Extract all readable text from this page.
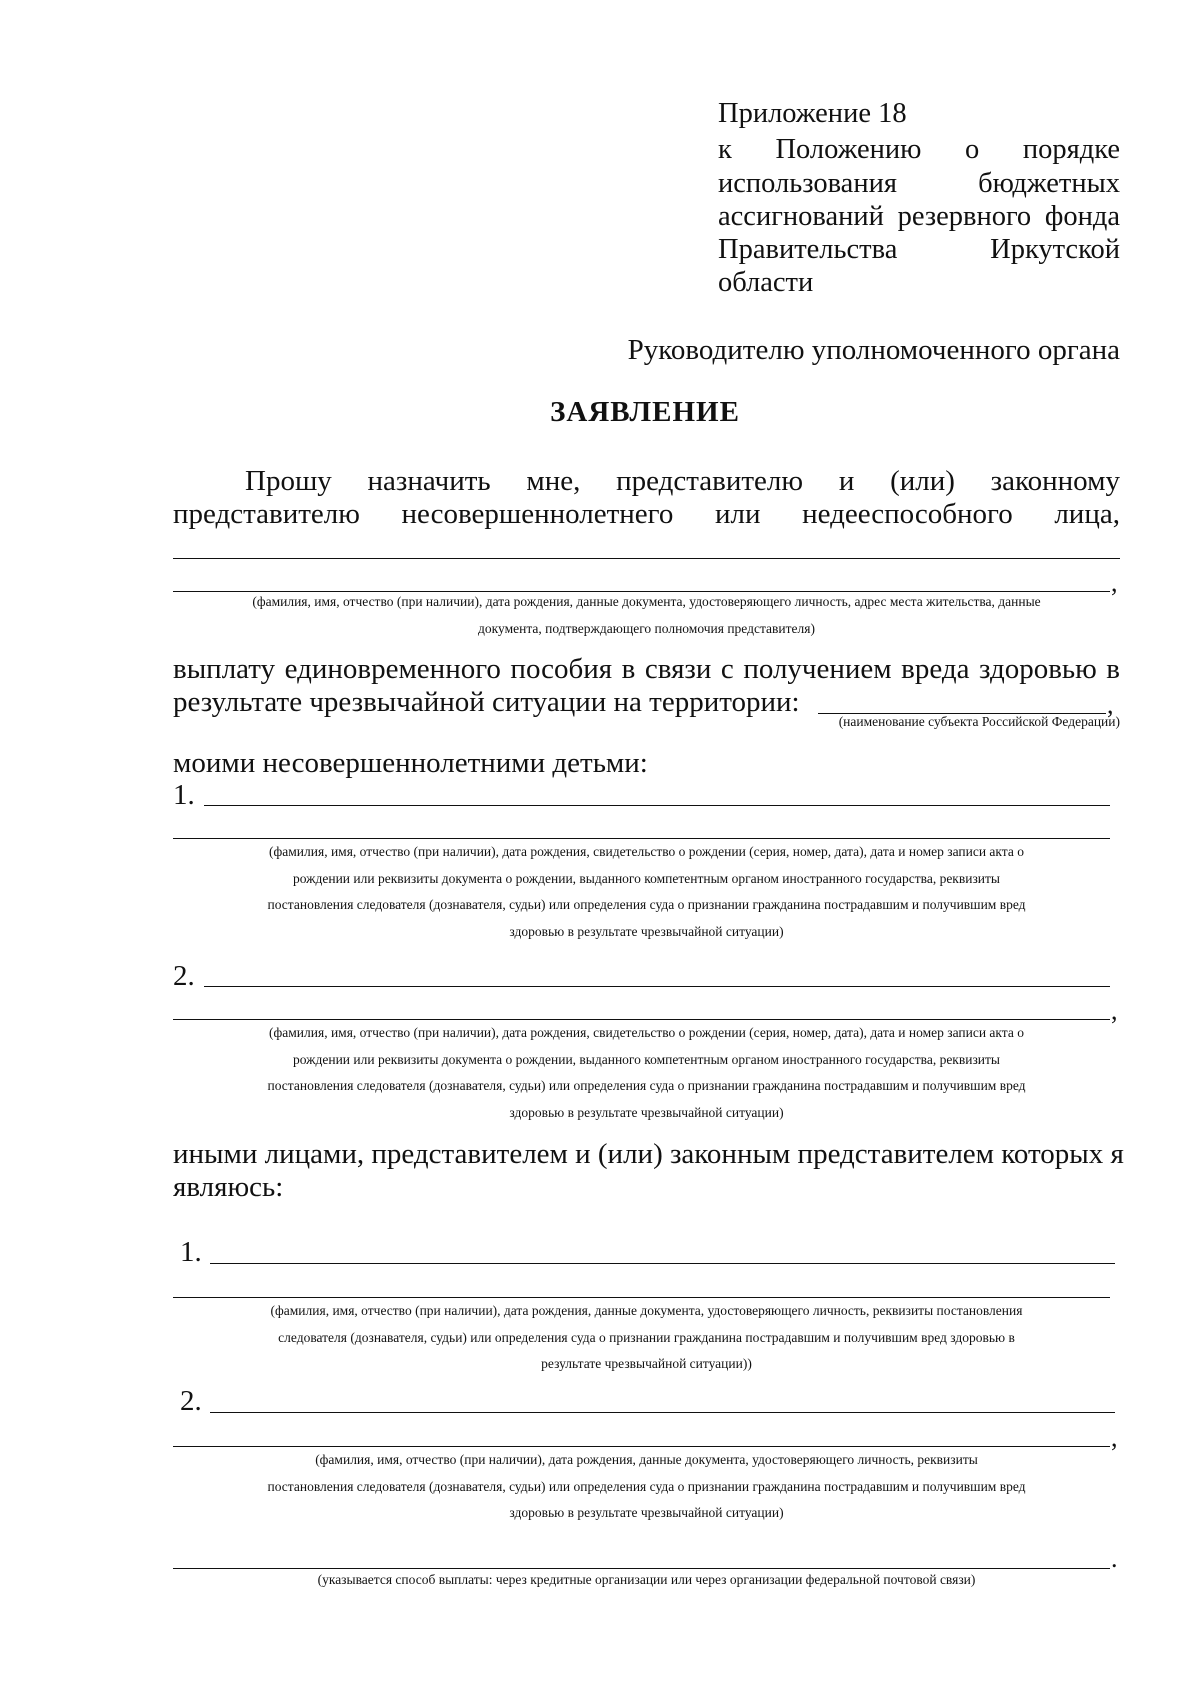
Приложение 18
к Положению о порядке
использования	бюджетных
ассигнований резервного фонда
Правительства	Иркутской
области
Руководителю уполномоченного органа
ЗАЯВЛЕНИЕ
Прошу назначить мне, представителю и (или) законному
представителю несовершеннолетнего или недееспособного лица,
,
(фамилия, имя, отчество (при наличии), дата рождения, данные документа, удостоверяющего личность, адрес места жительства, данные
документа, подтверждающего полномочия представителя)
выплату единовременного пособия в связи с получением вреда здоровью в
результате чрезвычайной ситуации на территории:	,
(наименование субъекта Российской Федерации)
моими несовершеннолетними детьми:
1.
(фамилия, имя, отчество (при наличии), дата рождения, свидетельство о рождении (серия, номер, дата), дата и номер записи акта о
рождении или реквизиты документа о рождении, выданного компетентным органом иностранного государства, реквизиты
постановления следователя (дознавателя, судьи) или определения суда о признании гражданина пострадавшим и получившим вред
здоровью в результате чрезвычайной ситуации)
2.
,
(фамилия, имя, отчество (при наличии), дата рождения, свидетельство о рождении (серия, номер, дата), дата и номер записи акта о
рождении или реквизиты документа о рождении, выданного компетентным органом иностранного государства, реквизиты
постановления следователя (дознавателя, судьи) или определения суда о признании гражданина пострадавшим и получившим вред
здоровью в результате чрезвычайной ситуации)
иными лицами, представителем и (или) законным представителем которых я
являюсь:
1.
(фамилия, имя, отчество (при наличии), дата рождения, данные документа, удостоверяющего личность, реквизиты постановления
следователя (дознавателя, судьи) или определения суда о признании гражданина пострадавшим и получившим вред здоровью в
результате чрезвычайной ситуации))
2.
,
(фамилия, имя, отчество (при наличии), дата рождения, данные документа, удостоверяющего личность, реквизиты
постановления следователя (дознавателя, судьи) или определения суда о признании гражданина пострадавшим и получившим вред
здоровью в результате чрезвычайной ситуации)
.
(указывается способ выплаты: через кредитные организации или через организации федеральной почтовой связи)
